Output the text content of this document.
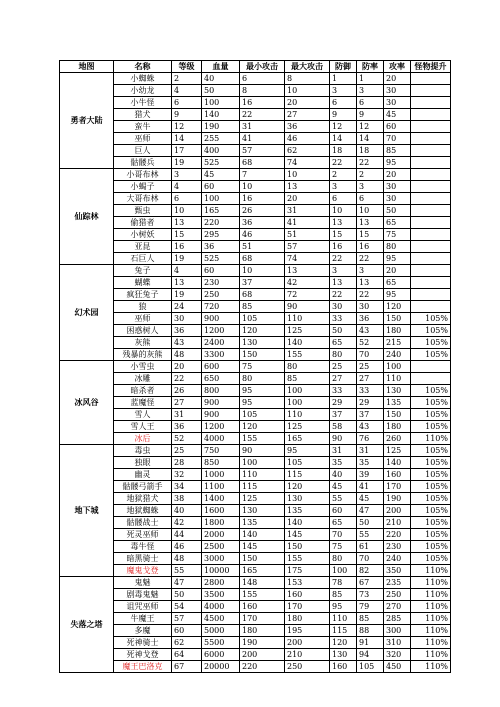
地图	名称	等级	血量	最小攻击	最大攻击	防御	防率	攻率	怪物提升
勇者大陆	小蜘蛛	2	40	6	8	1	1	20	
	小幼龙	4	50	8	10	3	3	30	
	小牛怪	6	100	16	20	6	6	30	
	猎犬	9	140	22	27	9	9	45	
	蛮牛	12	190	31	36	12	12	60	
	巫师	14	255	41	46	14	14	70	
	巨人	17	400	57	62	18	18	85	
	骷髅兵	19	525	68	74	22	22	95	
仙踪林	小哥布林	3	45	7	10	2	2	20	
	小蝎子	4	60	10	13	3	3	30	
	大哥布林	6	100	16	20	6	6	30	
	甄虫	10	165	26	31	10	10	50	
	偷猎者	13	220	36	41	13	13	65	
	小树妖	15	295	46	51	15	15	75	
	亚昆	16	36	51	57	16	16	80	
	石巨人	19	525	68	74	22	22	95	
幻术园	兔子	4	60	10	13	3	3	20	
	蝴蝶	13	230	37	42	13	13	65	
	疯狂兔子	19	250	68	72	22	22	95	
	狼	24	720	85	90	30	30	120	
	巫师	30	900	105	110	33	36	150	105%
	困惑树人	36	1200	120	125	50	43	180	105%
	灰熊	43	2400	130	140	65	52	215	105%
	残暴的灰熊	48	3300	150	155	80	70	240	105%
冰风谷	小雪虫	20	600	75	80	25	25	100	
	冰雕	22	650	80	85	27	27	110	
	暗杀者	26	800	95	100	33	33	130	105%
	蓝魔怪	27	900	95	100	29	29	135	105%
	雪人	31	900	105	110	37	37	150	105%
	雪人王	36	1200	120	125	58	43	180	105%
	冰后	52	4000	155	165	90	76	260	110%
地下城	毒虫	25	750	90	95	31	31	125	105%
	独眼	28	850	100	105	35	35	140	105%
	幽灵	32	1000	110	115	40	39	160	105%
	骷髅弓箭手	34	1100	115	120	45	41	170	105%
	地狱猎犬	38	1400	125	130	55	45	190	105%
	地狱蜘蛛	40	1600	130	135	60	47	200	105%
	骷髅战士	42	1800	135	140	65	50	210	105%
	死灵巫师	44	2000	140	145	70	55	220	105%
	毒牛怪	46	2500	145	150	75	61	230	105%
	暗黑骑士	48	3000	150	155	80	70	240	105%
	魔鬼戈登	55	10000	165	175	100	82	350	110%
失落之塔	鬼魅	47	2800	148	153	78	67	235	110%
	剧毒鬼魅	50	3500	155	160	85	73	250	110%
	诅咒巫师	54	4000	160	170	95	79	270	110%
	牛魔王	57	4500	170	180	110	85	285	110%
	多魔	60	5000	180	195	115	88	300	110%
	死神骑士	62	5500	190	200	120	91	310	110%
	死神戈登	64	6000	200	210	130	94	320	110%
	魔王巴洛克	67	20000	220	250	160	105	450	110%
